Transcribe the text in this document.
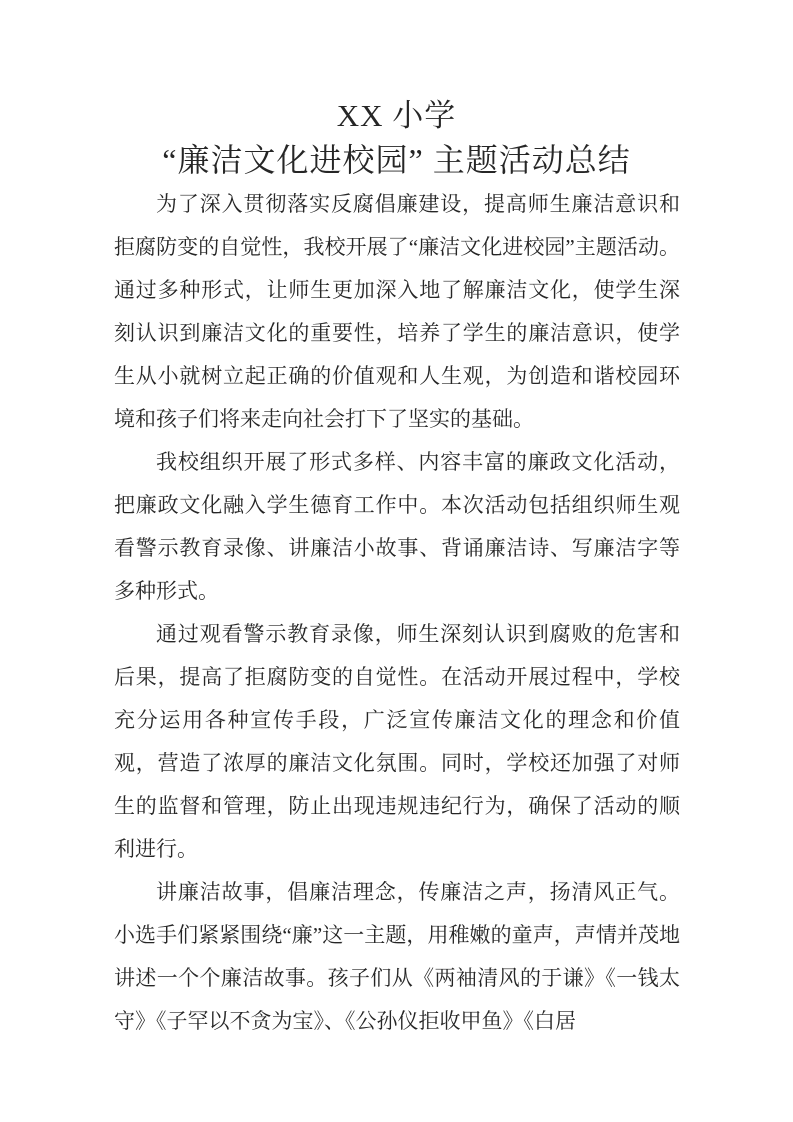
XX 小学
“廉洁文化进校园” 主题活动总结

为了深入贯彻落实反腐倡廉建设，提高师生廉洁意识和拒腐防变的自觉性，我校开展了“廉洁文化进校园”主题活动。通过多种形式，让师生更加深入地了解廉洁文化，使学生深刻认识到廉洁文化的重要性，培养了学生的廉洁意识，使学生从小就树立起正确的价值观和人生观，为创造和谐校园环境和孩子们将来走向社会打下了坚实的基础。

我校组织开展了形式多样、内容丰富的廉政文化活动，把廉政文化融入学生德育工作中。本次活动包括组织师生观看警示教育录像、讲廉洁小故事、背诵廉洁诗、写廉洁字等多种形式。

通过观看警示教育录像，师生深刻认识到腐败的危害和后果，提高了拒腐防变的自觉性。在活动开展过程中，学校充分运用各种宣传手段，广泛宣传廉洁文化的理念和价值观，营造了浓厚的廉洁文化氛围。同时，学校还加强了对师生的监督和管理，防止出现违规违纪行为，确保了活动的顺利进行。

讲廉洁故事，倡廉洁理念，传廉洁之声，扬清风正气。小选手们紧紧围绕“廉”这一主题，用稚嫩的童声，声情并茂地讲述一个个廉洁故事。孩子们从《两袖清风的于谦》《一钱太守》《子罕以不贪为宝》、《公孙仪拒收甲鱼》《白居
